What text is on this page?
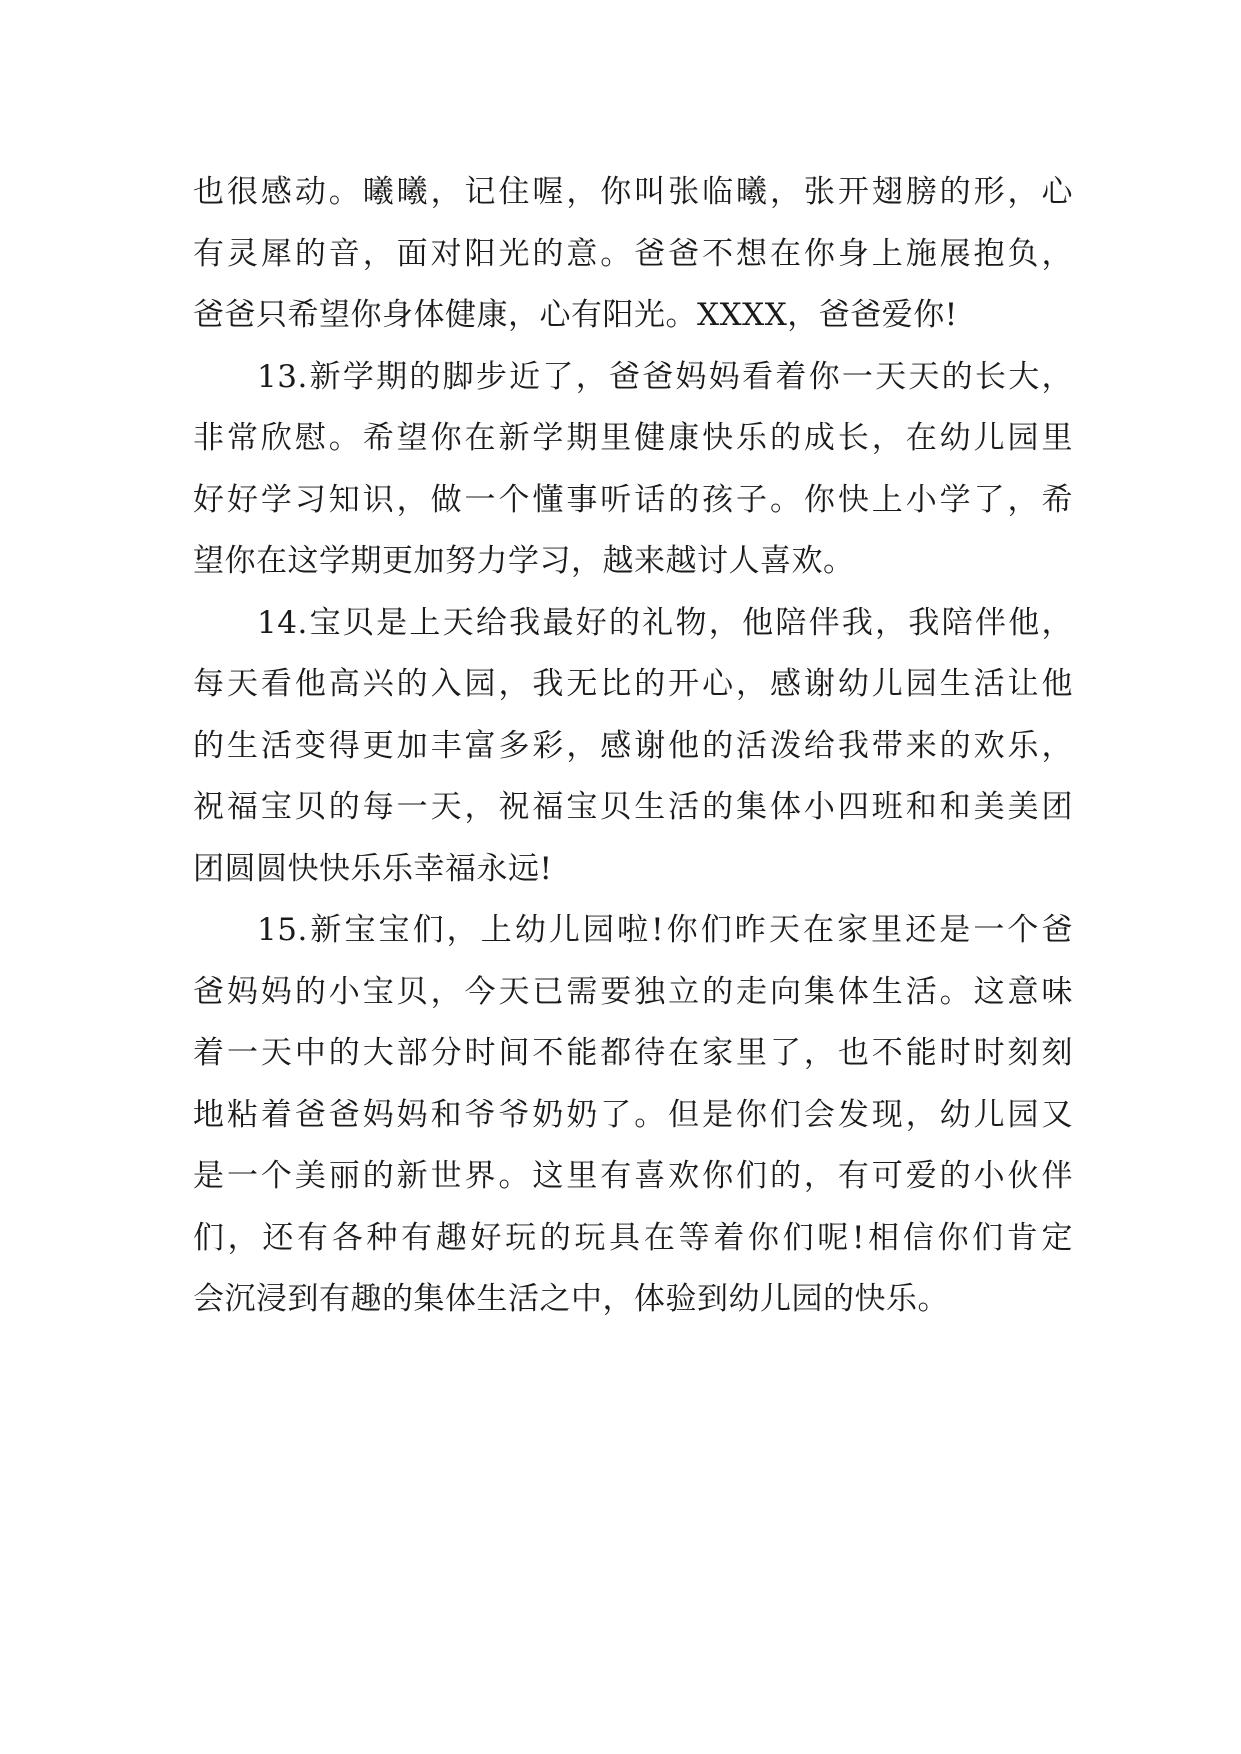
也很感动。曦曦，记住喔，你叫张临曦，张开翅膀的形，心
有灵犀的音，面对阳光的意。爸爸不想在你身上施展抱负，
爸爸只希望你身体健康，心有阳光。XXXX，爸爸爱你!
13.新学期的脚步近了，爸爸妈妈看着你一天天的长大，
非常欣慰。希望你在新学期里健康快乐的成长，在幼儿园里
好好学习知识，做一个懂事听话的孩子。你快上小学了，希
望你在这学期更加努力学习，越来越讨人喜欢。
14.宝贝是上天给我最好的礼物，他陪伴我，我陪伴他，
每天看他高兴的入园，我无比的开心，感谢幼儿园生活让他
的生活变得更加丰富多彩，感谢他的活泼给我带来的欢乐，
祝福宝贝的每一天，祝福宝贝生活的集体小四班和和美美团
团圆圆快快乐乐幸福永远!
15.新宝宝们，上幼儿园啦!你们昨天在家里还是一个爸
爸妈妈的小宝贝，今天已需要独立的走向集体生活。这意味
着一天中的大部分时间不能都待在家里了，也不能时时刻刻
地粘着爸爸妈妈和爷爷奶奶了。但是你们会发现，幼儿园又
是一个美丽的新世界。这里有喜欢你们的，有可爱的小伙伴
们，还有各种有趣好玩的玩具在等着你们呢!相信你们肯定
会沉浸到有趣的集体生活之中，体验到幼儿园的快乐。
